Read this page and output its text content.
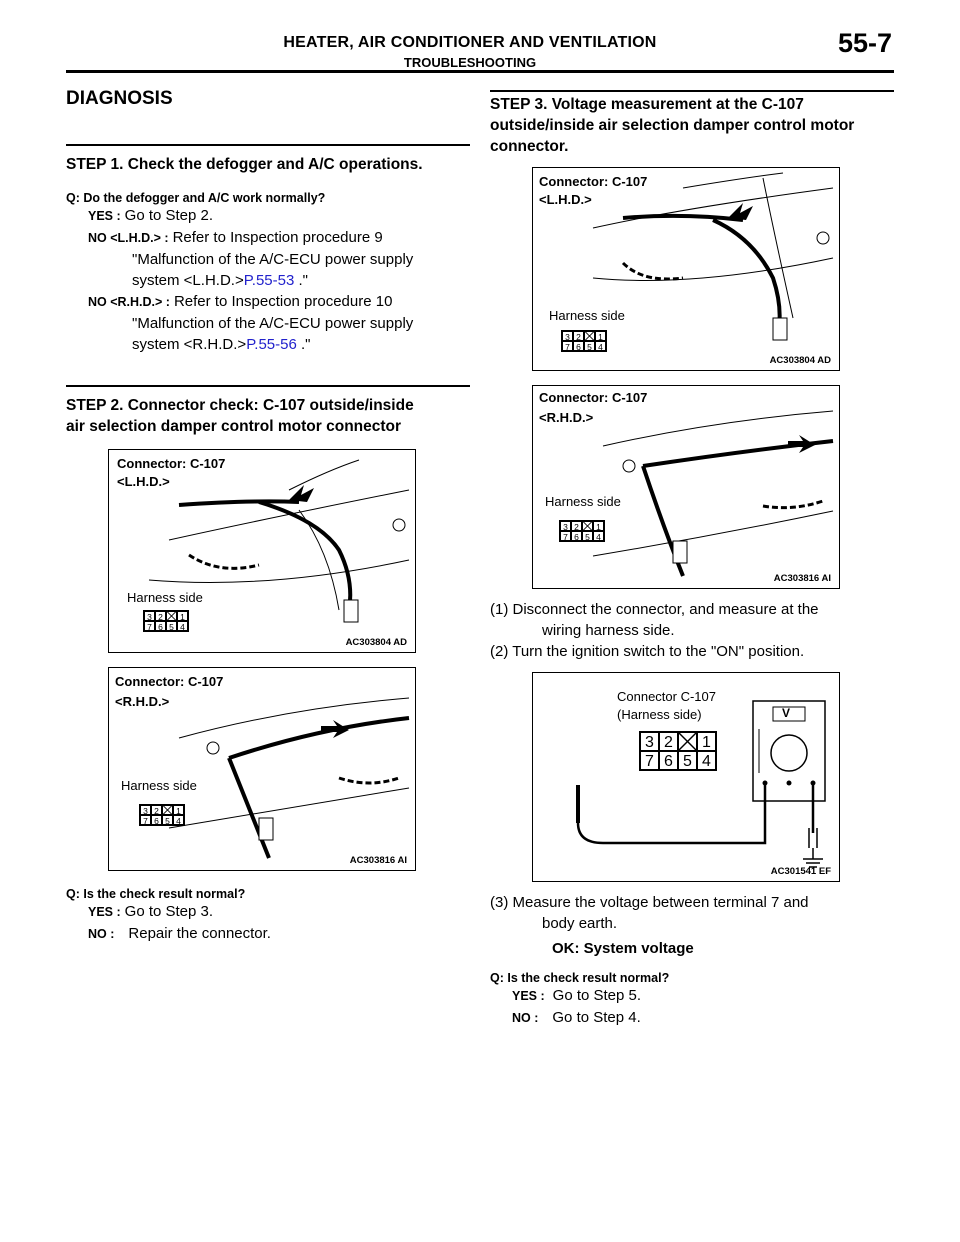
HEATER, AIR CONDITIONER AND VENTILATION
TROUBLESHOOTING
55-7
DIAGNOSIS
STEP 1. Check the defogger and A/C operations.
Q: Do the defogger and A/C work normally?
YES : Go to Step 2.
NO <L.H.D.> : Refer to Inspection procedure 9
"Malfunction of the A/C-ECU power supply
system <L.H.D.>P.55-53 ."
NO <R.H.D.> : Refer to Inspection procedure 10
"Malfunction of the A/C-ECU power supply
system <R.H.D.>P.55-56 ."
STEP 2. Connector check: C-107 outside/inside
air selection damper control motor connector
Connector: C-107
<L.H.D.>
Harness side
3 2	1
7 6 5 4
AC303804 AD
Connector: C-107
<R.H.D.>
Harness side
3 2	1
7 6 5 4
AC303816 AI
Q: Is the check result normal?
YES : Go to Step 3.
NO : Repair the connector.
STEP 3. Voltage measurement at the C-107
outside/inside air selection damper control motor
connector.
Connector: C-107
<L.H.D.>
Harness side
3 2	1
7 6 5 4
AC303804 AD
Connector: C-107
<R.H.D.>
Harness side
3 2	1
7 6 5 4
AC303816 AI
(1) Disconnect the connector, and measure at the
wiring harness side.
(2) Turn the ignition switch to the "ON" position.
Connector C-107
(Harness side)
3 2	1
7 6 5 4
V
AC301541 EF
(3) Measure the voltage between terminal 7 and
body earth.
OK: System voltage
Q: Is the check result normal?
YES : Go to Step 5.
NO : Go to Step 4.
